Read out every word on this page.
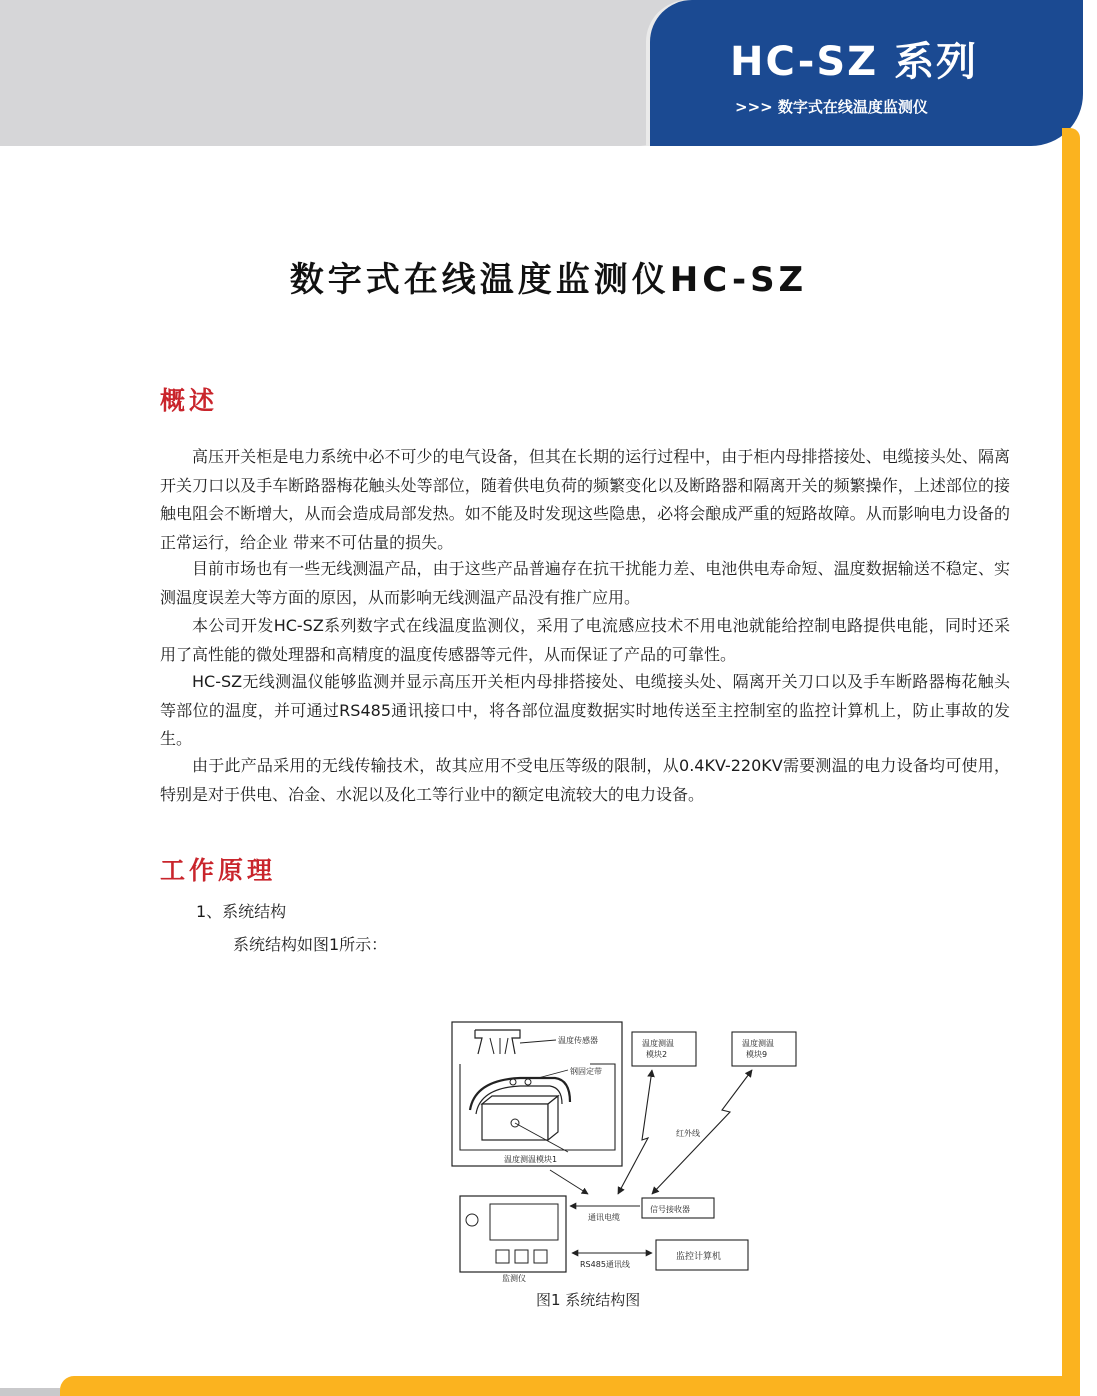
HC-SZ 系列
>>> 数字式在线温度监测仪
数字式在线温度监测仪HC-SZ
概述
高压开关柜是电力系统中必不可少的电气设备，但其在长期的运行过程中，由于柜内母排搭接处、电缆接头处、隔离开关刀口以及手车断路器梅花触头处等部位，随着供电负荷的频繁变化以及断路器和隔离开关的频繁操作，上述部位的接触电阻会不断增大，从而会造成局部发热。如不能及时发现这些隐患，必将会酿成严重的短路故障。从而影响电力设备的正常运行，给企业 带来不可估量的损失。
目前市场也有一些无线测温产品，由于这些产品普遍存在抗干扰能力差、电池供电寿命短、温度数据输送不稳定、实测温度误差大等方面的原因，从而影响无线测温产品没有推广应用。
本公司开发HC-SZ系列数字式在线温度监测仪，采用了电流感应技术不用电池就能给控制电路提供电能，同时还采用了高性能的微处理器和高精度的温度传感器等元件，从而保证了产品的可靠性。
HC-SZ无线测温仪能够监测并显示高压开关柜内母排搭接处、电缆接头处、隔离开关刀口以及手车断路器梅花触头等部位的温度，并可通过RS485通讯接口中，将各部位温度数据实时地传送至主控制室的监控计算机上，防止事故的发生。
由于此产品采用的无线传输技术，故其应用不受电压等级的限制，从0.4KV-220KV需要测温的电力设备均可使用，特别是对于供电、冶金、水泥以及化工等行业中的额定电流较大的电力设备。
工作原理
1、系统结构
系统结构如图1所示：
温度传感器
钢固定带
温度测温模块1
温度测温
模块2
温度测温
模块9
红外线
监测仪
信号接收器
通讯电缆
监控计算机
RS485通讯线
图1 系统结构图
